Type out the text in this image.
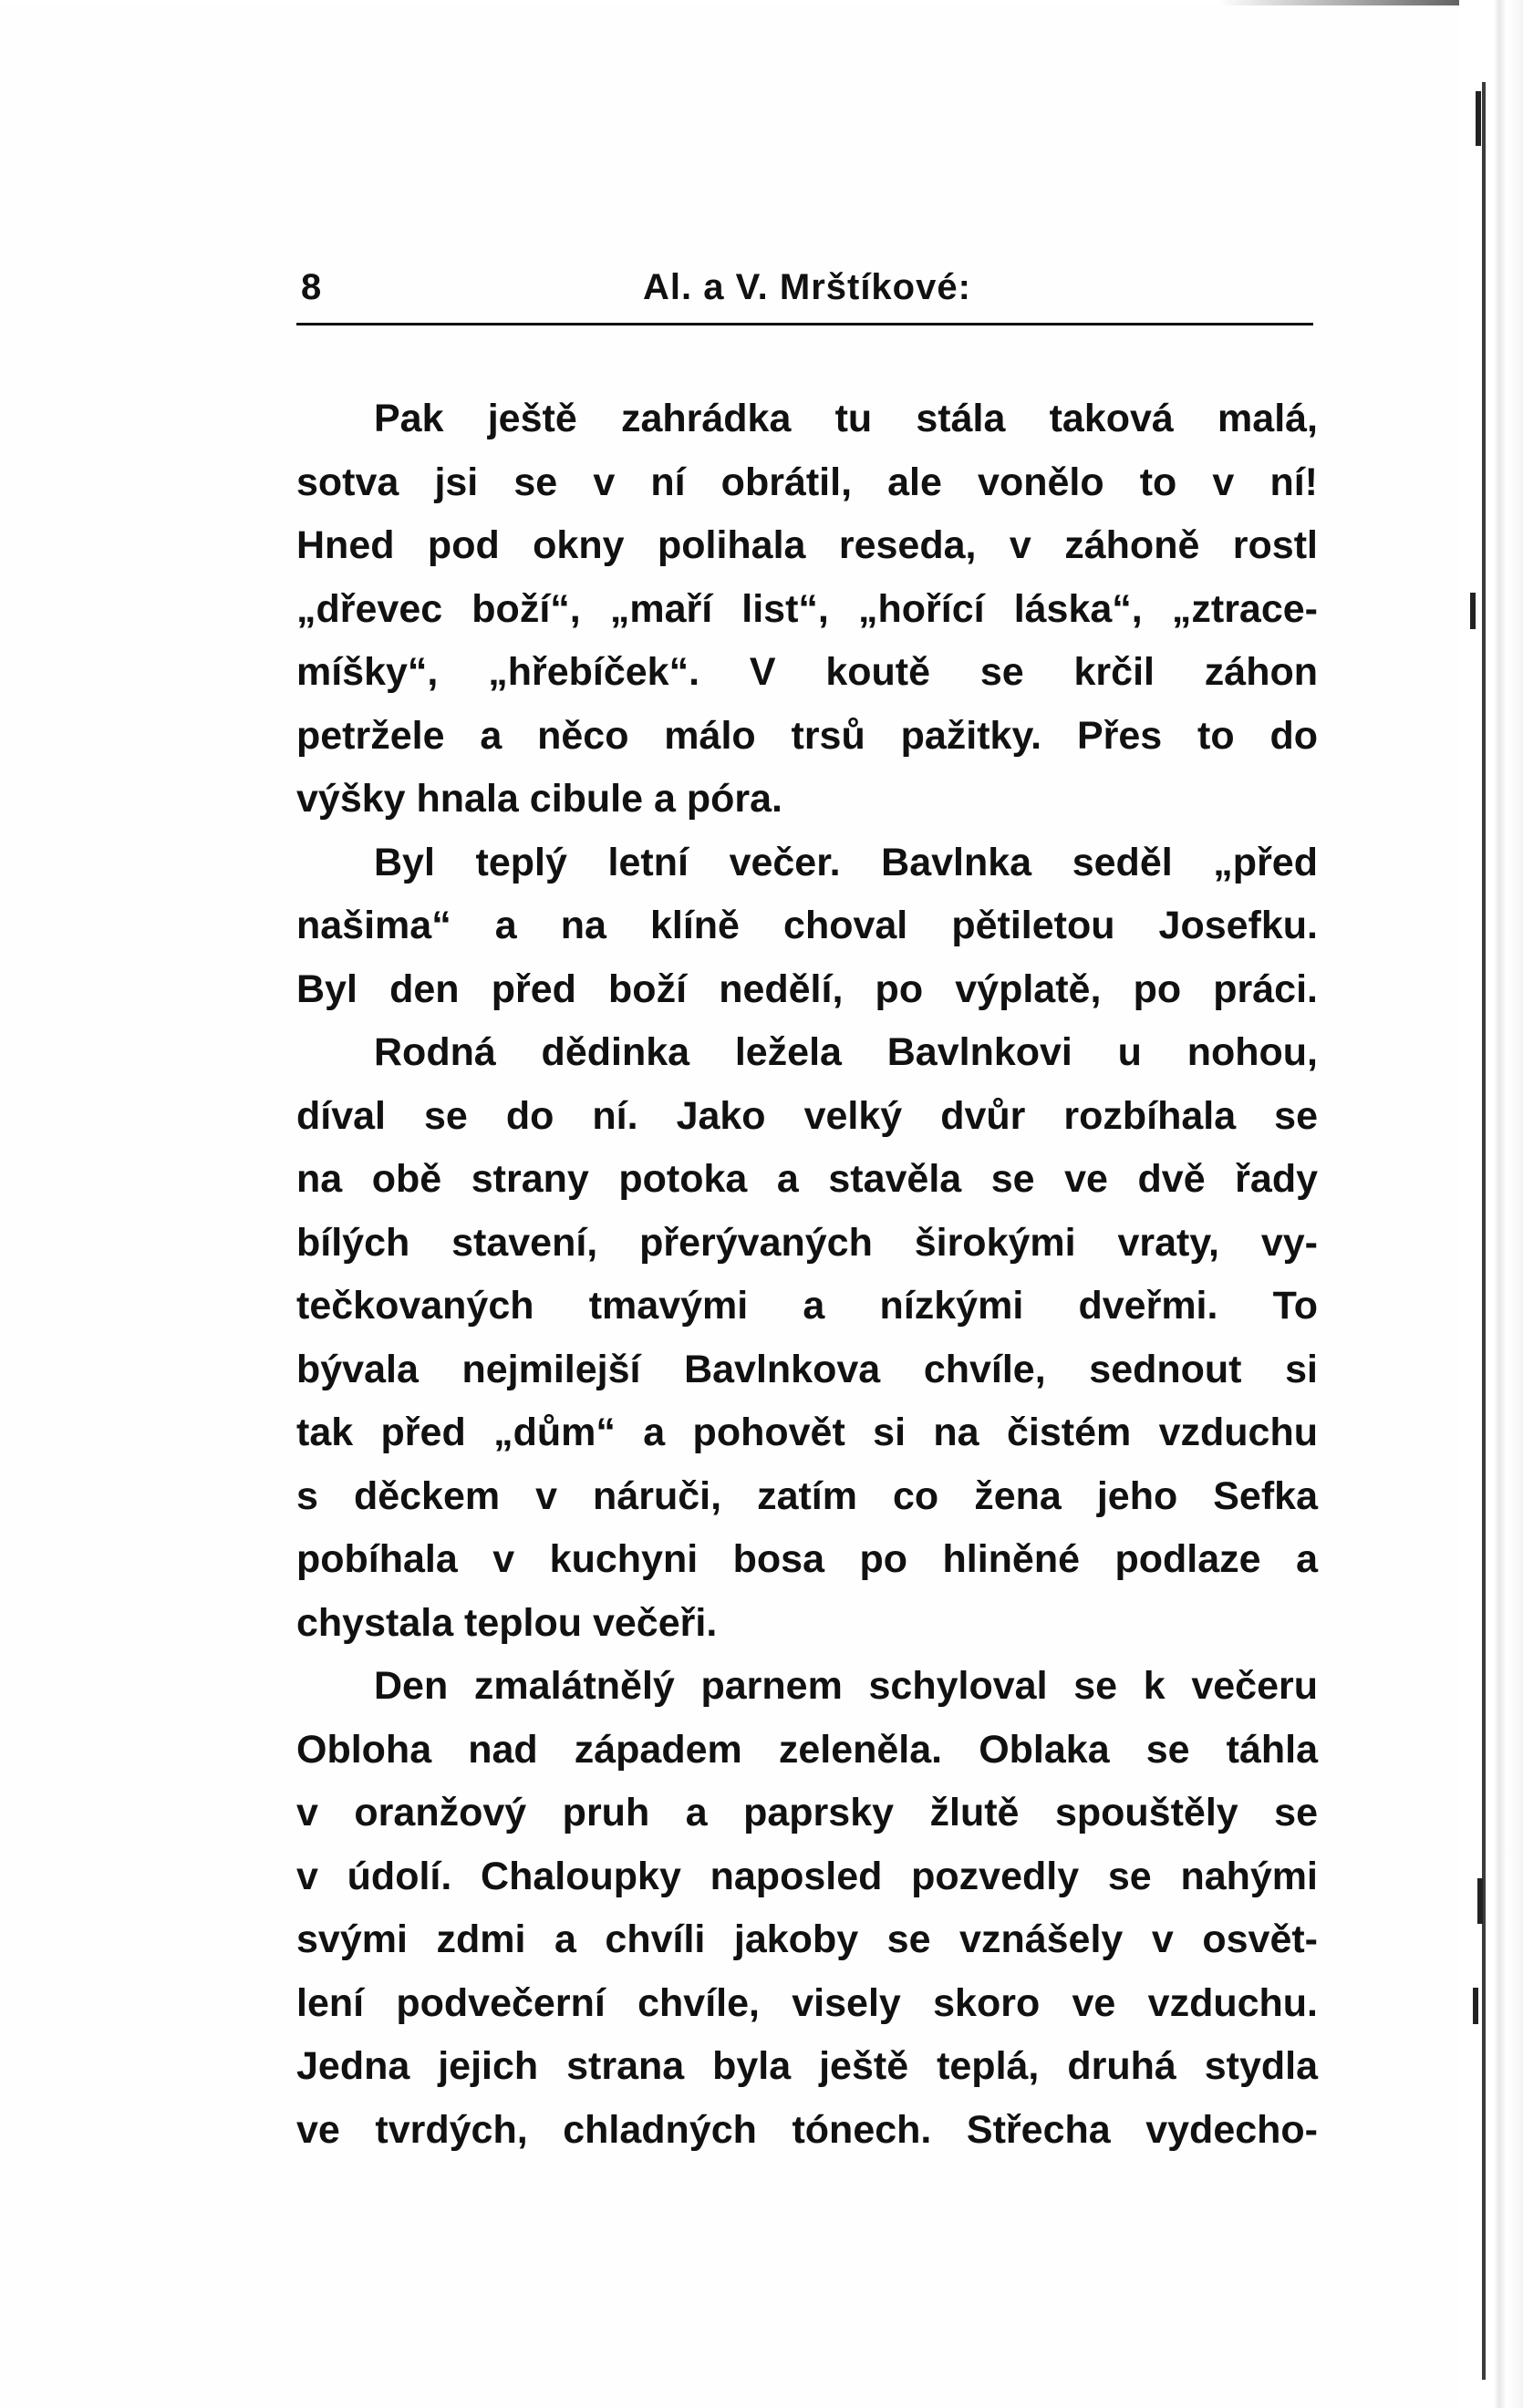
8	Al. a V. Mrštíkové:

Pak ještě zahrádka tu stála taková malá,
sotva jsi se v ní obrátil, ale vonělo to v ní!
Hned pod okny polihala reseda, v záhoně rostl
„dřevec boží“, „maří list“, „hořící láska“, „ztrace-
míšky“, „hřebíček“. V koutě se krčil záhon
petržele a něco málo trsů pažitky. Přes to do
výšky hnala cibule a póra.

Byl teplý letní večer. Bavlnka seděl „před
našima“ a na klíně choval pětiletou Josefku.
Byl den před boží nedělí, po výplatě, po práci.

Rodná dědinka ležela Bavlnkovi u nohou,
díval se do ní. Jako velký dvůr rozbíhala se
na obě strany potoka a stavěla se ve dvě řady
bílých stavení, přerývaných širokými vraty, vy-
tečkovaných tmavými a nízkými dveřmi. To
bývala nejmilejší Bavlnkova chvíle, sednout si
tak před „dům“ a pohovět si na čistém vzduchu
s děckem v náruči, zatím co žena jeho Sefka
pobíhala v kuchyni bosa po hliněné podlaze a
chystala teplou večeři.

Den zmalátnělý parnem schyloval se k večeru
Obloha nad západem zeleněla. Oblaka se táhla
v oranžový pruh a paprsky žlutě spouštěly se
v údolí. Chaloupky naposled pozvedly se nahými
svými zdmi a chvíli jakoby se vznášely v osvět-
lení podvečerní chvíle, visely skoro ve vzduchu.
Jedna jejich strana byla ještě teplá, druhá stydla
ve tvrdých, chladných tónech. Střecha vydecho-
